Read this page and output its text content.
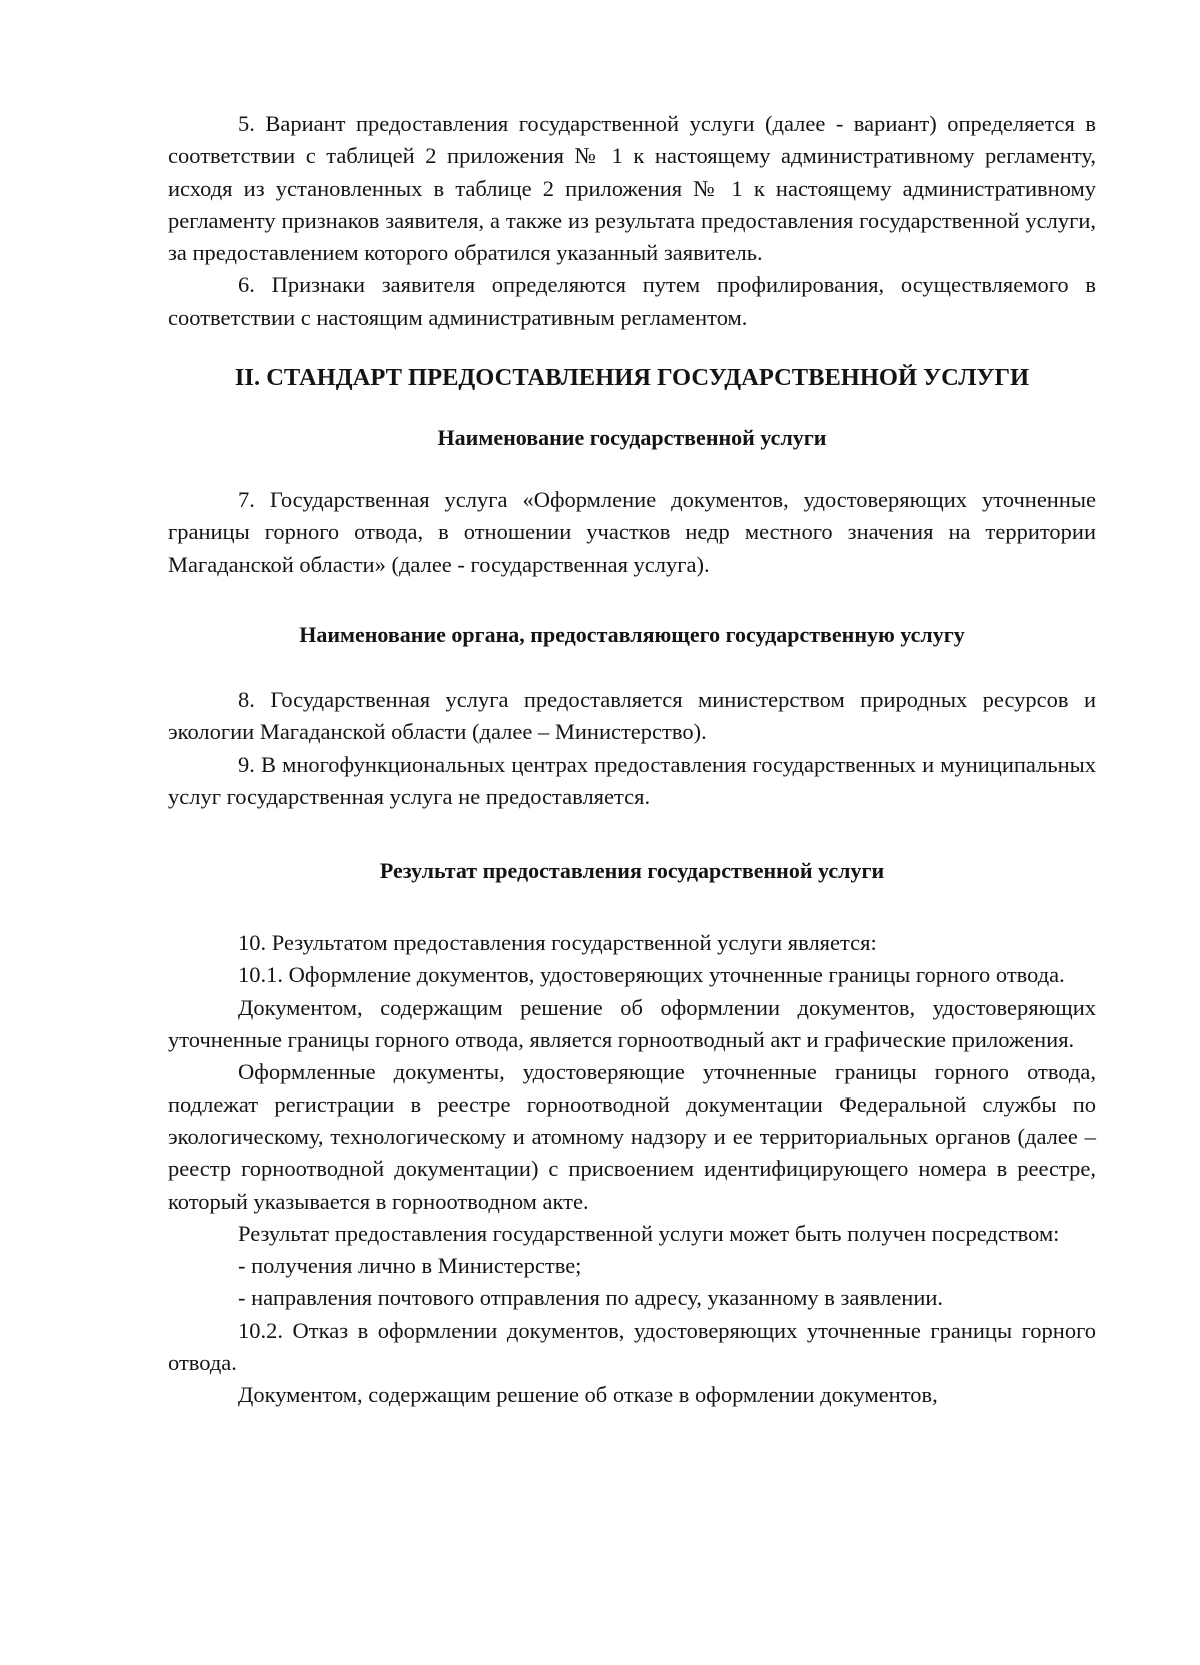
5. Вариант предоставления государственной услуги (далее - вариант) определяется в соответствии с таблицей 2 приложения № 1 к настоящему административному регламенту, исходя из установленных в таблице 2 приложения № 1 к настоящему административному регламенту признаков заявителя, а также из результата предоставления государственной услуги, за предоставлением которого обратился указанный заявитель.

6. Признаки заявителя определяются путем профилирования, осуществляемого в соответствии с настоящим административным регламентом.

II. СТАНДАРТ ПРЕДОСТАВЛЕНИЯ ГОСУДАРСТВЕННОЙ УСЛУГИ
Наименование государственной услуги

7. Государственная услуга «Оформление документов, удостоверяющих уточненные границы горного отвода, в отношении участков недр местного значения на территории Магаданской области» (далее - государственная услуга).

Наименование органа, предоставляющего государственную услугу

8. Государственная услуга предоставляется министерством природных ресурсов и экологии Магаданской области (далее – Министерство).

9. В многофункциональных центрах предоставления государственных и муниципальных услуг государственная услуга не предоставляется.

Результат предоставления государственной услуги

10. Результатом предоставления государственной услуги является:

10.1. Оформление документов, удостоверяющих уточненные границы горного отвода.

Документом, содержащим решение об оформлении документов, удостоверяющих уточненные границы горного отвода, является горноотводный акт и графические приложения.

Оформленные документы, удостоверяющие уточненные границы горного отвода, подлежат регистрации в реестре горноотводной документации Федеральной службы по экологическому, технологическому и атомному надзору и ее территориальных органов (далее – реестр горноотводной документации) с присвоением идентифицирующего номера в реестре, который указывается в горноотводном акте.

Результат предоставления государственной услуги может быть получен посредством:

- получения лично в Министерстве;

- направления почтового отправления по адресу, указанному в заявлении.

10.2. Отказ в оформлении документов, удостоверяющих уточненные границы горного отвода.

Документом, содержащим решение об отказе в оформлении документов,
